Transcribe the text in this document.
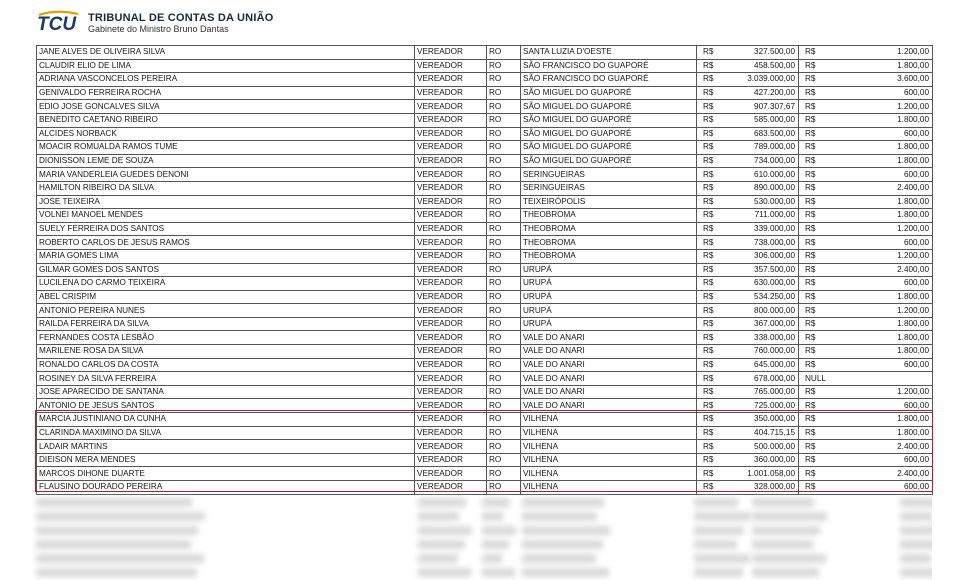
TCU TRIBUNAL DE CONTAS DA UNIÃO
Gabinete do Ministro Bruno Dantas
JANE ALVES DE OLIVEIRA SILVA	VEREADOR	RO	SANTA LUZIA D'OESTE	R$ 327.500,00	R$ 1.200,00

CLAUDIR ELIO DE LIMA	VEREADOR	RO	SÃO FRANCISCO DO GUAPORÉ	R$ 458.500,00	R$ 1.800,00

ADRIANA VASCONCELOS PEREIRA	VEREADOR	RO	SÃO FRANCISCO DO GUAPORÉ	R$ 3.039.000,00	R$ 3.600,00

GENIVALDO FERREIRA ROCHA	VEREADOR	RO	SÃO MIGUEL DO GUAPORÉ	R$ 427.200,00	R$ 600,00

EDIO JOSE GONCALVES SILVA	VEREADOR	RO	SÃO MIGUEL DO GUAPORÉ	R$ 907.307,67	R$ 1.200,00

BENEDITO CAETANO RIBEIRO	VEREADOR	RO	SÃO MIGUEL DO GUAPORÉ	R$ 585.000,00	R$ 1.800,00

ALCIDES NORBACK	VEREADOR	RO	SÃO MIGUEL DO GUAPORÉ	R$ 683.500,00	R$ 600,00

MOACIR ROMUALDA RAMOS TUME	VEREADOR	RO	SÃO MIGUEL DO GUAPORÉ	R$ 789.000,00	R$ 1.800,00

DIONISSON LEME DE SOUZA	VEREADOR	RO	SÃO MIGUEL DO GUAPORÉ	R$ 734.000,00	R$ 1.800,00

MARIA VANDERLEIA GUEDES DENONI	VEREADOR	RO	SERINGUEIRAS	R$ 610.000,00	R$ 600,00

HAMILTON RIBEIRO DA SILVA	VEREADOR	RO	SERINGUEIRAS	R$ 890.000,00	R$ 2.400,00

JOSE TEIXEIRA	VEREADOR	RO	TEIXEIRÓPOLIS	R$ 530.000,00	R$ 1.800,00

VOLNEI MANOEL MENDES	VEREADOR	RO	THEOBROMA	R$ 711.000,00	R$ 1.800,00

SUELY FERREIRA DOS SANTOS	VEREADOR	RO	THEOBROMA	R$ 339.000,00	R$ 1.200,00

ROBERTO CARLOS DE JESUS RAMOS	VEREADOR	RO	THEOBROMA	R$ 738.000,00	R$ 600,00

MARIA GOMES LIMA	VEREADOR	RO	THEOBROMA	R$ 306.000,00	R$ 1.200,00

GILMAR GOMES DOS SANTOS	VEREADOR	RO	URUPÁ	R$ 357.500,00	R$ 2.400,00

LUCILENA DO CARMO TEIXEIRA	VEREADOR	RO	URUPÁ	R$ 630.000,00	R$ 600,00

ABEL CRISPIM	VEREADOR	RO	URUPÁ	R$ 534.250,00	R$ 1.800,00

ANTONIO PEREIRA NUNES	VEREADOR	RO	URUPÁ	R$ 800.000,00	R$ 1.200,00

RAILDA FERREIRA DA SILVA	VEREADOR	RO	URUPÁ	R$ 367.000,00	R$ 1.800,00

FERNANDES COSTA LESBÃO	VEREADOR	RO	VALE DO ANARI	R$ 338.000,00	R$ 1.800,00

MARILENE ROSA DA SILVA	VEREADOR	RO	VALE DO ANARI	R$ 760.000,00	R$ 1.800,00

RONALDO CARLOS DA COSTA	VEREADOR	RO	VALE DO ANARI	R$ 645.000,00	R$ 600,00

ROSINEY DA SILVA FERREIRA	VEREADOR	RO	VALE DO ANARI	R$ 678.000,00	NULL

JOSE APARECIDO DE SANTANA	VEREADOR	RO	VALE DO ANARI	R$ 765.000,00	R$ 1.200,00

ANTONIO DE JESUS SANTOS	VEREADOR	RO	VALE DO ANARI	R$ 725.000,00	R$ 600,00

MARCIA JUSTINIANO DA CUNHA	VEREADOR	RO	VILHENA	R$ 350.000,00	R$ 1.800,00

CLARINDA MAXIMINO DA SILVA	VEREADOR	RO	VILHENA	R$ 404.715,15	R$ 1.800,00

LADAIR MARTINS	VEREADOR	RO	VILHENA	R$ 500.000,00	R$ 2.400,00

DIEISON MERA MENDES	VEREADOR	RO	VILHENA	R$ 360.000,00	R$ 600,00

MARCOS DIHONE DUARTE	VEREADOR	RO	VILHENA	R$ 1.001.058,00	R$ 2.400,00

FLAUSINO DOURADO PEREIRA	VEREADOR	RO	VILHENA	R$ 328.000,00	R$ 600,00
